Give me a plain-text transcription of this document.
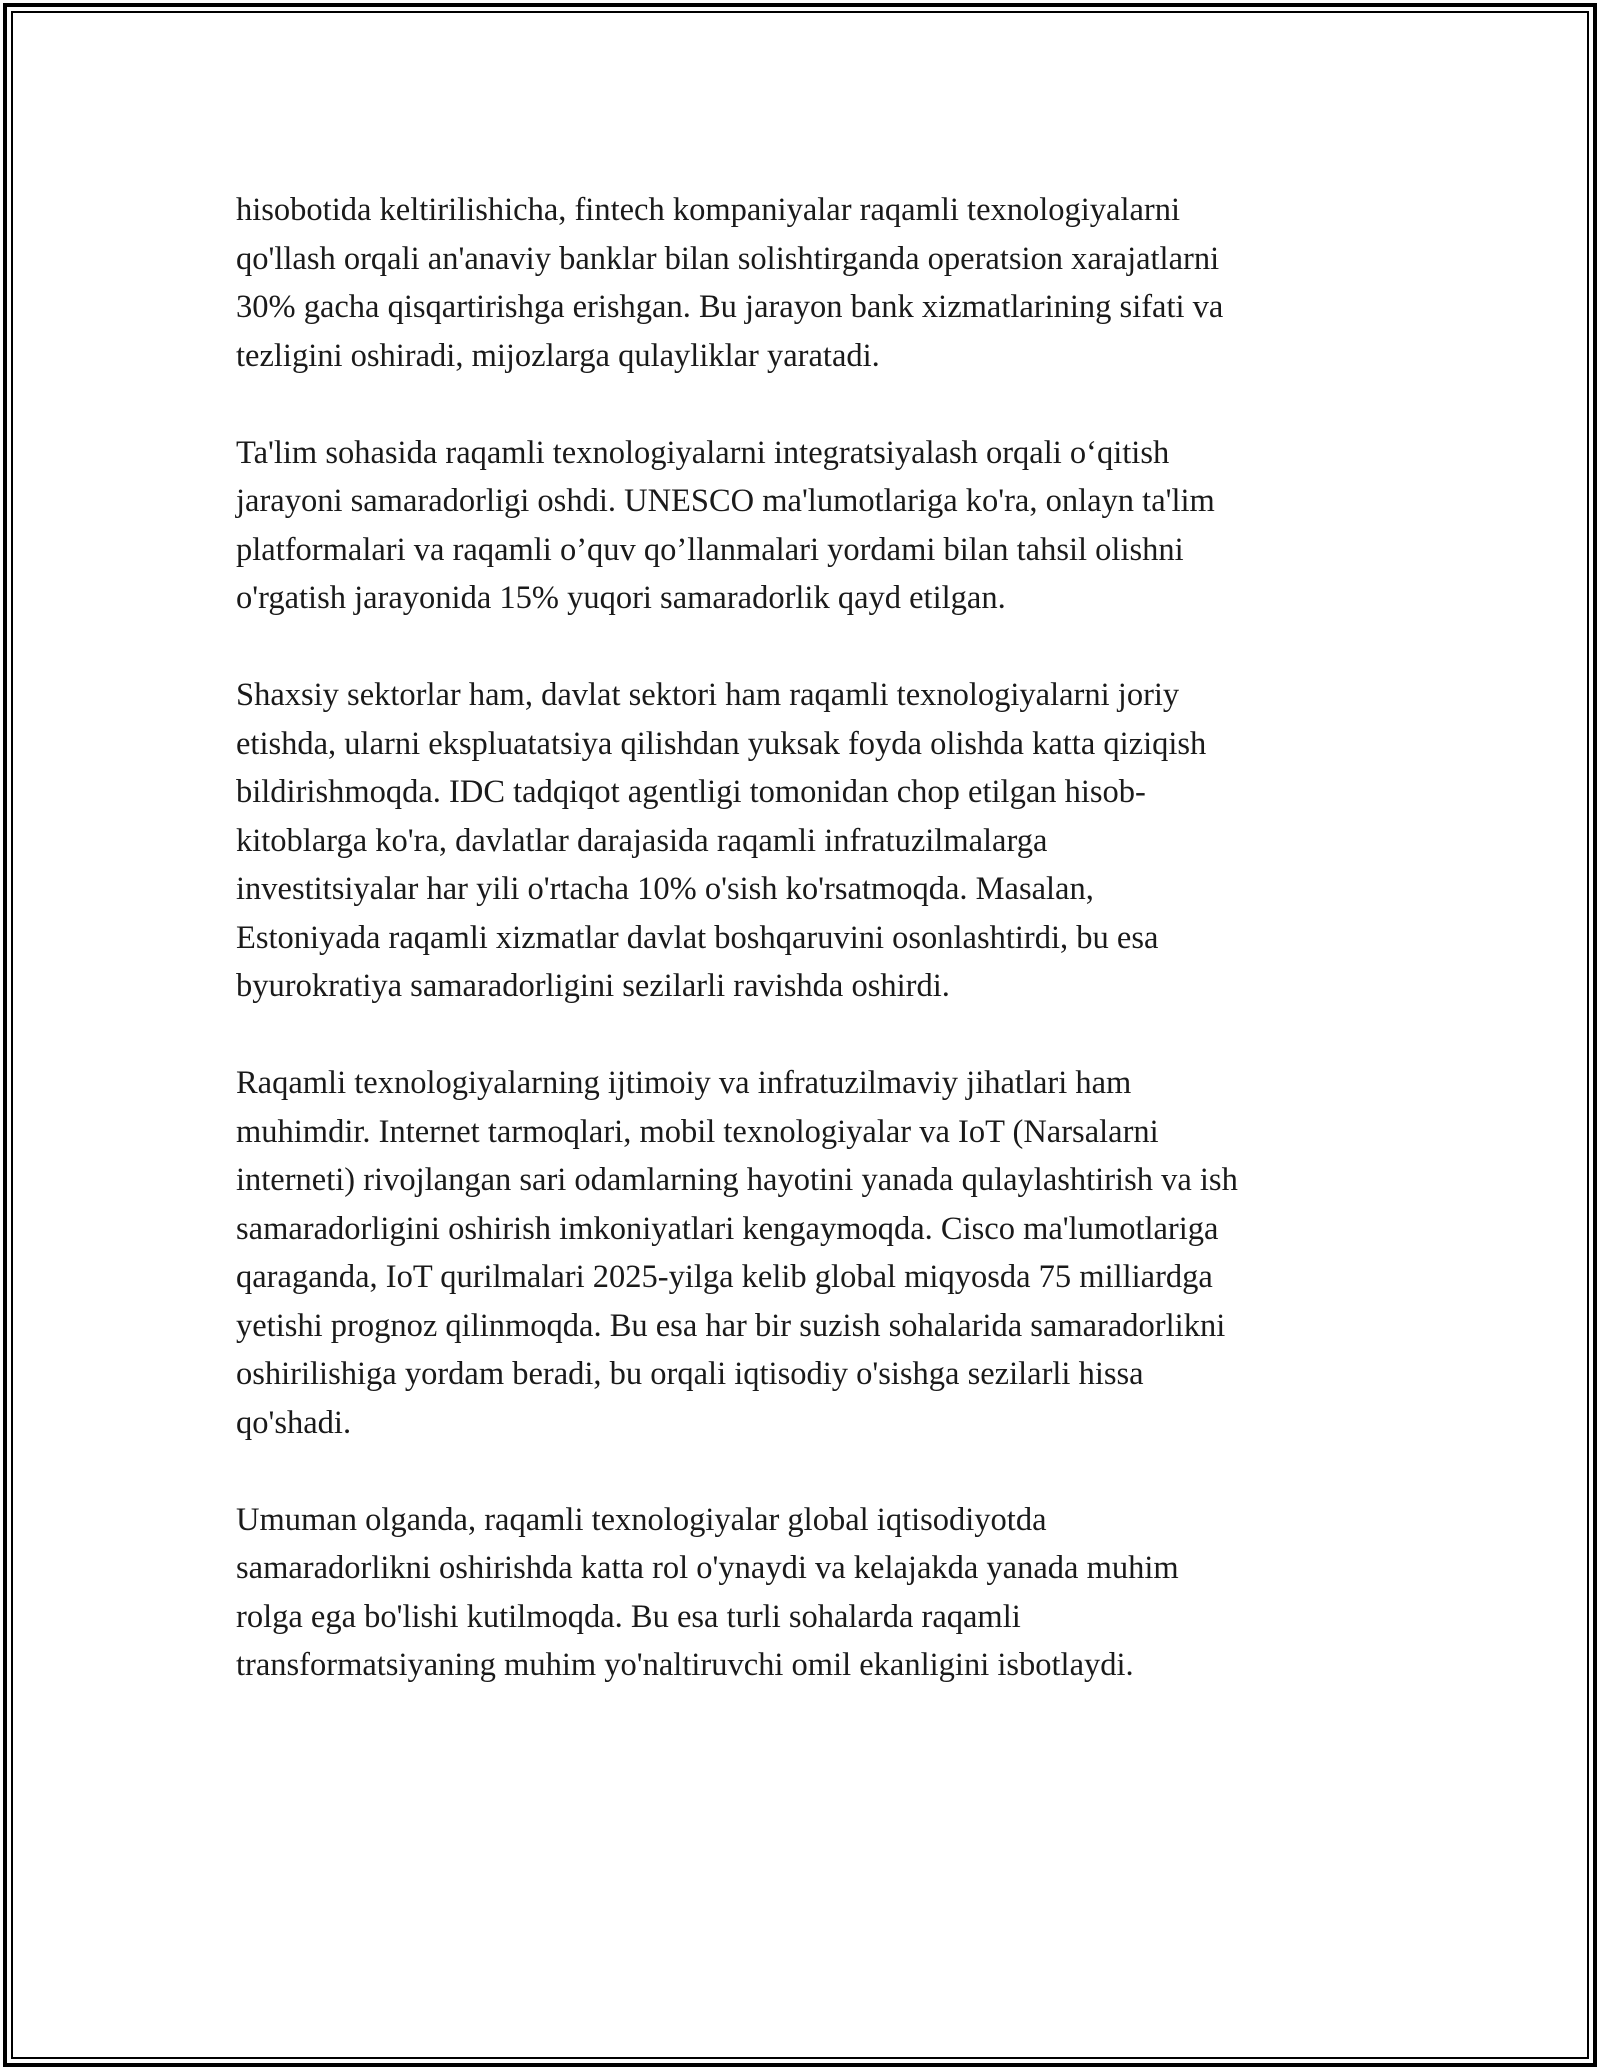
hisobotida keltirilishicha, fintech kompaniyalar raqamli texnologiyalarni
qo'llash orqali an'anaviy banklar bilan solishtirganda operatsion xarajatlarni
30% gacha qisqartirishga erishgan. Bu jarayon bank xizmatlarining sifati va
tezligini oshiradi, mijozlarga qulayliklar yaratadi.

Ta'lim sohasida raqamli texnologiyalarni integratsiyalash orqali o‘qitish
jarayoni samaradorligi oshdi. UNESCO ma'lumotlariga ko'ra, onlayn ta'lim
platformalari va raqamli o’quv qo’llanmalari yordami bilan tahsil olishni
o'rgatish jarayonida 15% yuqori samaradorlik qayd etilgan.

Shaxsiy sektorlar ham, davlat sektori ham raqamli texnologiyalarni joriy
etishda, ularni ekspluatatsiya qilishdan yuksak foyda olishda katta qiziqish
bildirishmoqda. IDC tadqiqot agentligi tomonidan chop etilgan hisob-
kitoblarga ko'ra, davlatlar darajasida raqamli infratuzilmalarga
investitsiyalar har yili o'rtacha 10% o'sish ko'rsatmoqda. Masalan,
Estoniyada raqamli xizmatlar davlat boshqaruvini osonlashtirdi, bu esa
byurokratiya samaradorligini sezilarli ravishda oshirdi.

Raqamli texnologiyalarning ijtimoiy va infratuzilmaviy jihatlari ham
muhimdir. Internet tarmoqlari, mobil texnologiyalar va IoT (Narsalarni
interneti) rivojlangan sari odamlarning hayotini yanada qulaylashtirish va ish
samaradorligini oshirish imkoniyatlari kengaymoqda. Cisco ma'lumotlariga
qaraganda, IoT qurilmalari 2025-yilga kelib global miqyosda 75 milliardga
yetishi prognoz qilinmoqda. Bu esa har bir suzish sohalarida samaradorlikni
oshirilishiga yordam beradi, bu orqali iqtisodiy o'sishga sezilarli hissa
qo'shadi.

Umuman olganda, raqamli texnologiyalar global iqtisodiyotda
samaradorlikni oshirishda katta rol o'ynaydi va kelajakda yanada muhim
rolga ega bo'lishi kutilmoqda. Bu esa turli sohalarda raqamli
transformatsiyaning muhim yo'naltiruvchi omil ekanligini isbotlaydi.
